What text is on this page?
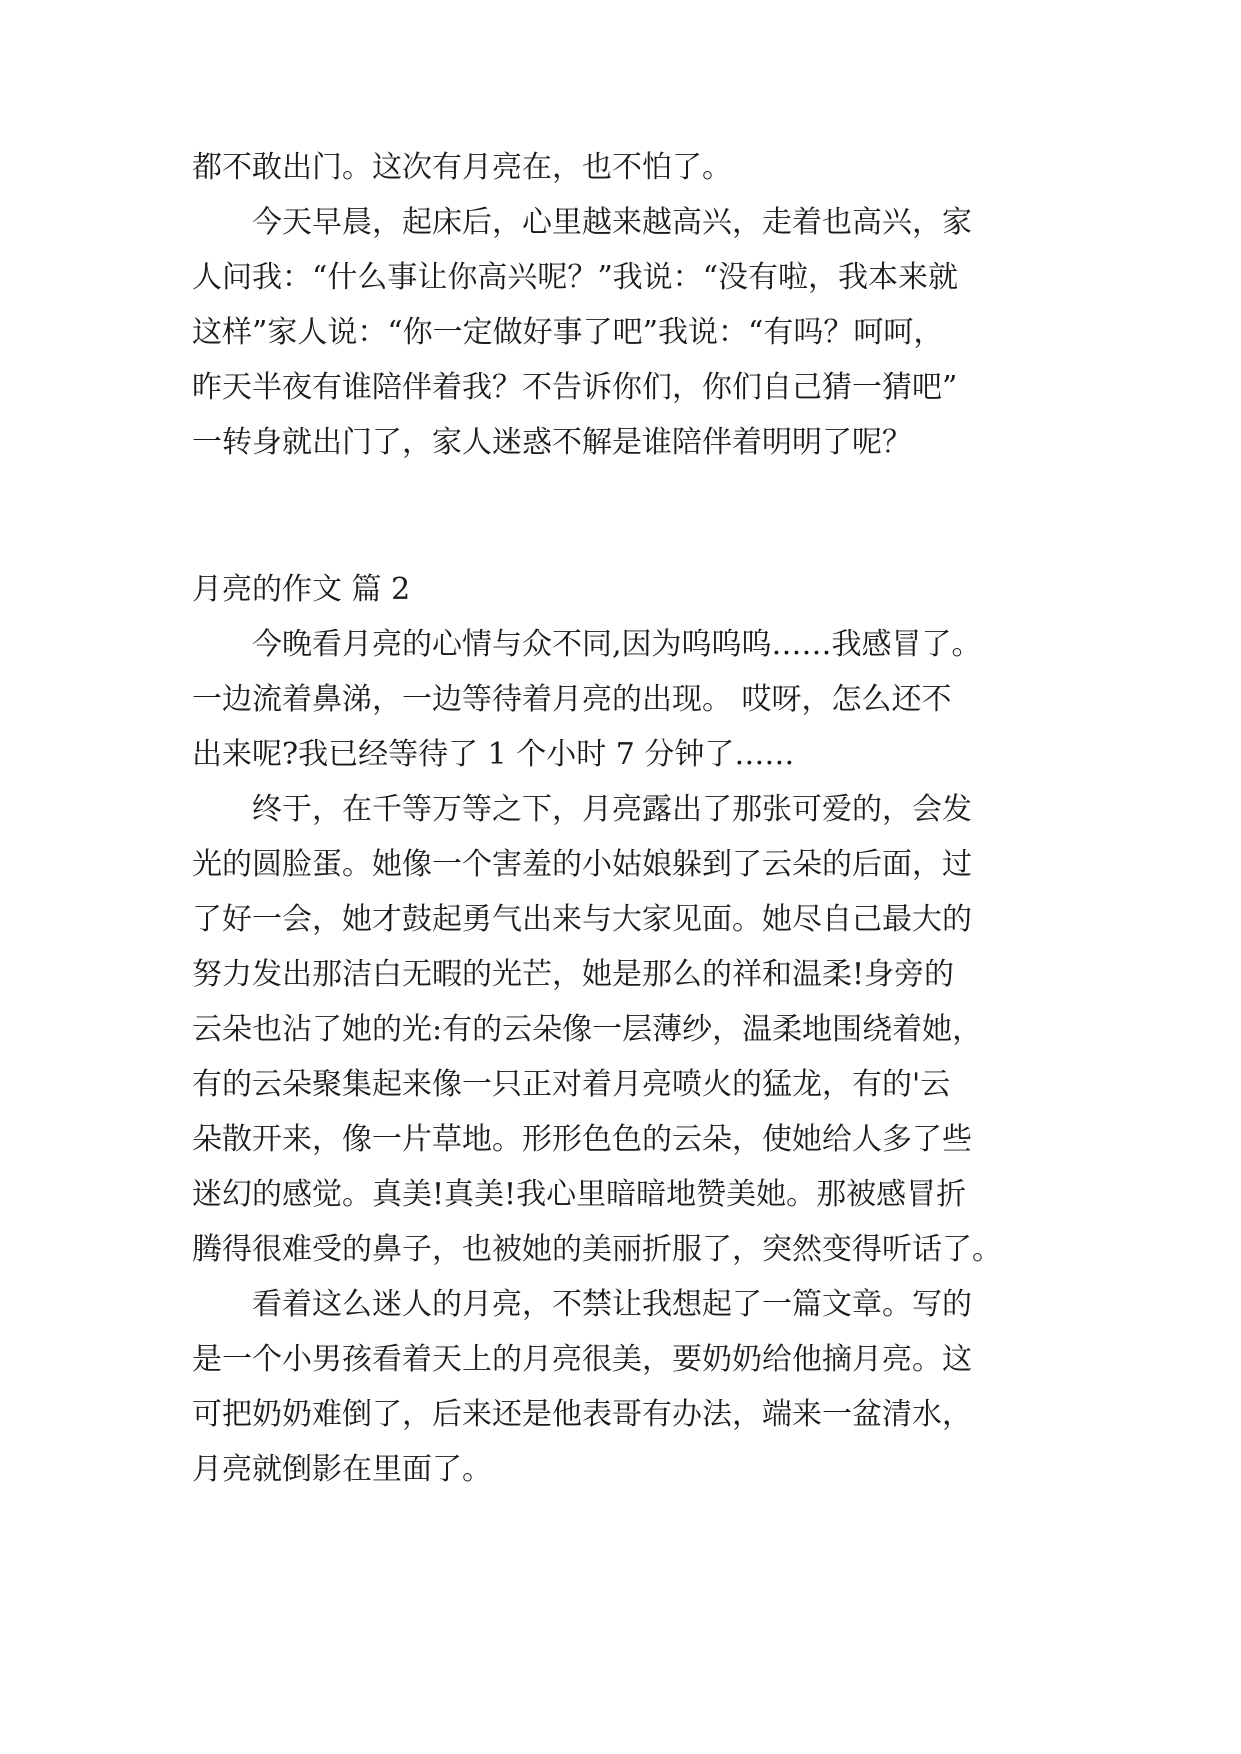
都不敢出门。这次有月亮在，也不怕了。

　　今天早晨，起床后，心里越来越高兴，走着也高兴，家

人问我：“什么事让你高兴呢？”我说：“没有啦，我本来就

这样”家人说：“你一定做好事了吧”我说：“有吗？呵呵，

昨天半夜有谁陪伴着我？不告诉你们，你们自己猜一猜吧”

一转身就出门了，家人迷惑不解是谁陪伴着明明了呢？

月亮的作文 篇 2

　　今晚看月亮的心情与众不同,因为呜呜呜……我感冒了。

一边流着鼻涕，一边等待着月亮的出现。 哎呀，怎么还不

出来呢?我已经等待了 1 个小时 7 分钟了……

　　终于，在千等万等之下，月亮露出了那张可爱的，会发

光的圆脸蛋。她像一个害羞的小姑娘躲到了云朵的后面，过

了好一会，她才鼓起勇气出来与大家见面。她尽自己最大的

努力发出那洁白无暇的光芒，她是那么的祥和温柔!身旁的

云朵也沾了她的光:有的云朵像一层薄纱，温柔地围绕着她，

有的云朵聚集起来像一只正对着月亮喷火的猛龙，有的'云

朵散开来，像一片草地。形形色色的云朵，使她给人多了些

迷幻的感觉。真美!真美!我心里暗暗地赞美她。那被感冒折

腾得很难受的鼻子，也被她的美丽折服了，突然变得听话了。

　　看着这么迷人的月亮，不禁让我想起了一篇文章。写的

是一个小男孩看着天上的月亮很美，要奶奶给他摘月亮。这

可把奶奶难倒了，后来还是他表哥有办法，端来一盆清水，

月亮就倒影在里面了。
